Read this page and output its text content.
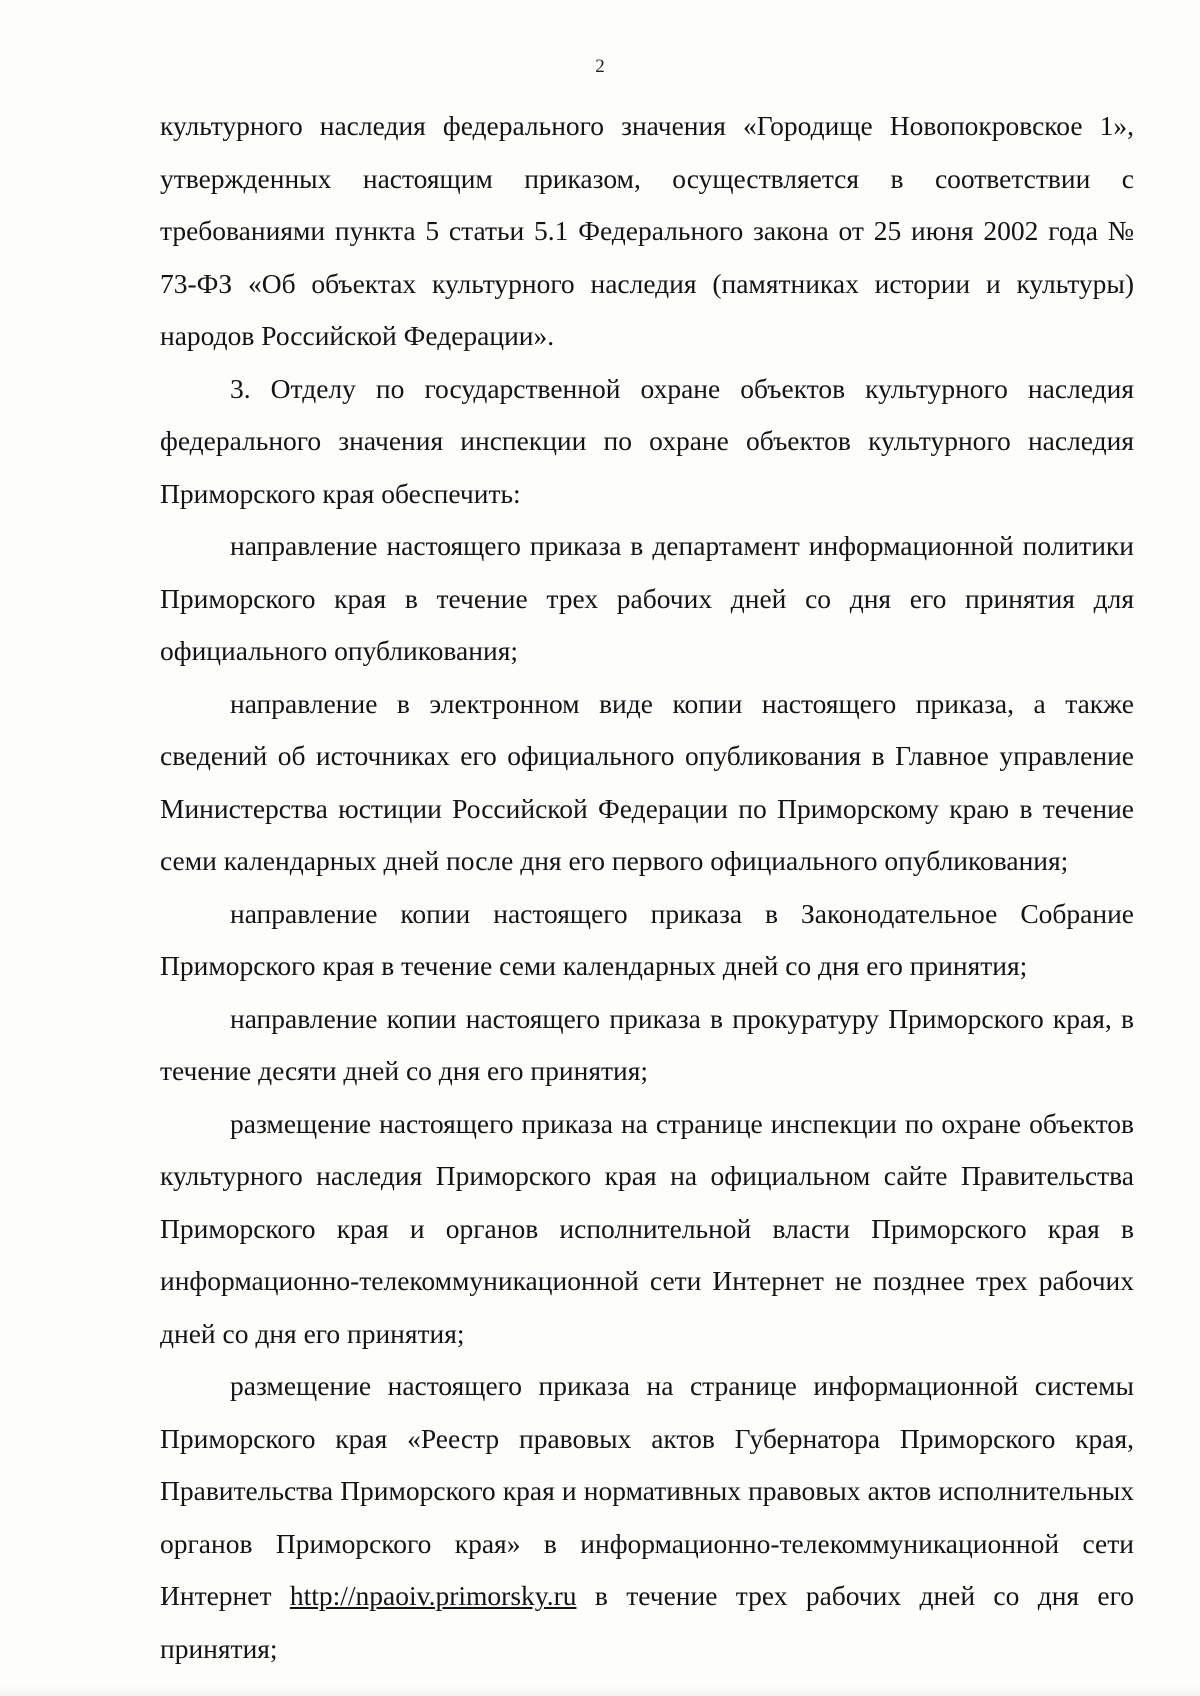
2

культурного наследия федерального значения «Городище Новопокровское 1», утвержденных настоящим приказом, осуществляется в соответствии с требованиями пункта 5 статьи 5.1 Федерального закона от 25 июня 2002 года № 73-ФЗ «Об объектах культурного наследия (памятниках истории и культуры) народов Российской Федерации».

3. Отделу по государственной охране объектов культурного наследия федерального значения инспекции по охране объектов культурного наследия Приморского края обеспечить:

направление настоящего приказа в департамент информационной политики Приморского края в течение трех рабочих дней со дня его принятия для официального опубликования;

направление в электронном виде копии настоящего приказа, а также сведений об источниках его официального опубликования в Главное управление Министерства юстиции Российской Федерации по Приморскому краю в течение семи календарных дней после дня его первого официального опубликования;

направление копии настоящего приказа в Законодательное Собрание Приморского края в течение семи календарных дней со дня его принятия;

направление копии настоящего приказа в прокуратуру Приморского края, в течение десяти дней со дня его принятия;

размещение настоящего приказа на странице инспекции по охране объектов культурного наследия Приморского края на официальном сайте Правительства Приморского края и органов исполнительной власти Приморского края в информационно-телекоммуникационной сети Интернет не позднее трех рабочих дней со дня его принятия;

размещение настоящего приказа на странице информационной системы Приморского края «Реестр правовых актов Губернатора Приморского края, Правительства Приморского края и нормативных правовых актов исполнительных органов Приморского края» в информационно-телекоммуникационной сети Интернет http://npaoiv.primorsky.ru в течение трех рабочих дней со дня его принятия;
